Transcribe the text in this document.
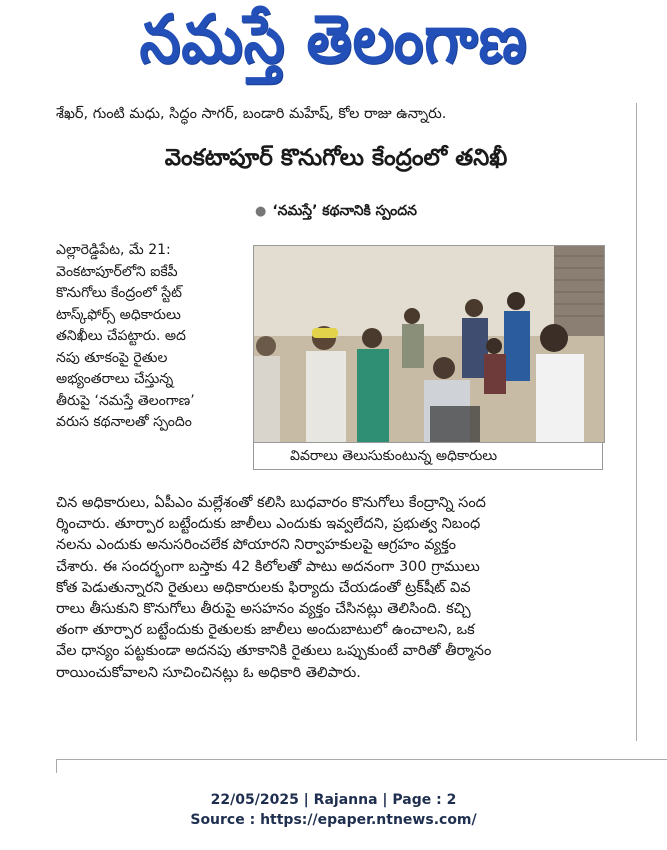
నమస్తే తెలంగాణ
శేఖర్, గుంటి మధు, సిద్ధం సాగర్, బండారి మహేష్, కోల రాజు ఉన్నారు.
వెంకటాపూర్ కొనుగోలు కేంద్రంలో తనిఖీ
● ‘నమస్తే’ కథనానికి స్పందన
ఎల్లారెడ్డిపేట, మే 21:
వెంకటాపూర్‌లోని ఐకేపీ
కొనుగోలు కేంద్రంలో స్టేట్
టాస్క్‌ఫోర్స్ అధికారులు
తనిఖీలు చేపట్టారు. అద
నపు తూకంపై రైతుల
అభ్యంతరాలు చేస్తున్న
తీరుపై ‘నమస్తే తెలంగాణ’
వరుస కథనాలతో స్పందిం
వివరాలు తెలుసుకుంటున్న అధికారులు
చిన అధికారులు, ఏపీఎం మల్లేశంతో కలిసి బుధవారం కొనుగోలు కేంద్రాన్ని సంద
ర్శించారు. తూర్పార బట్టేందుకు జాలీలు ఎందుకు ఇవ్వలేదని, ప్రభుత్వ నిబంధ
నలను ఎందుకు అనుసరించలేక పోయారని నిర్వాహకులపై ఆగ్రహం వ్యక్తం
చేశారు. ఈ సందర్భంగా బస్తాకు 42 కిలోలతో పాటు అదనంగా 300 గ్రాములు
కోత పెడుతున్నారని రైతులు అధికారులకు ఫిర్యాదు చేయడంతో ట్రక్‌షీట్ వివ
రాలు తీసుకుని కొనుగోలు తీరుపై అసహనం వ్యక్తం చేసినట్లు తెలిసింది. కచ్చి
తంగా తూర్పార బట్టేందుకు రైతులకు జాలీలు అందుబాటులో ఉంచాలని, ఒక
వేల ధాన్యం పట్టకుండా అదనపు తూకానికి రైతులు ఒప్పుకుంటే వారితో తీర్మానం
రాయించుకోవాలని సూచించినట్లు ఓ అధికారి తెలిపారు.
22/05/2025 | Rajanna | Page : 2
Source : https://epaper.ntnews.com/
